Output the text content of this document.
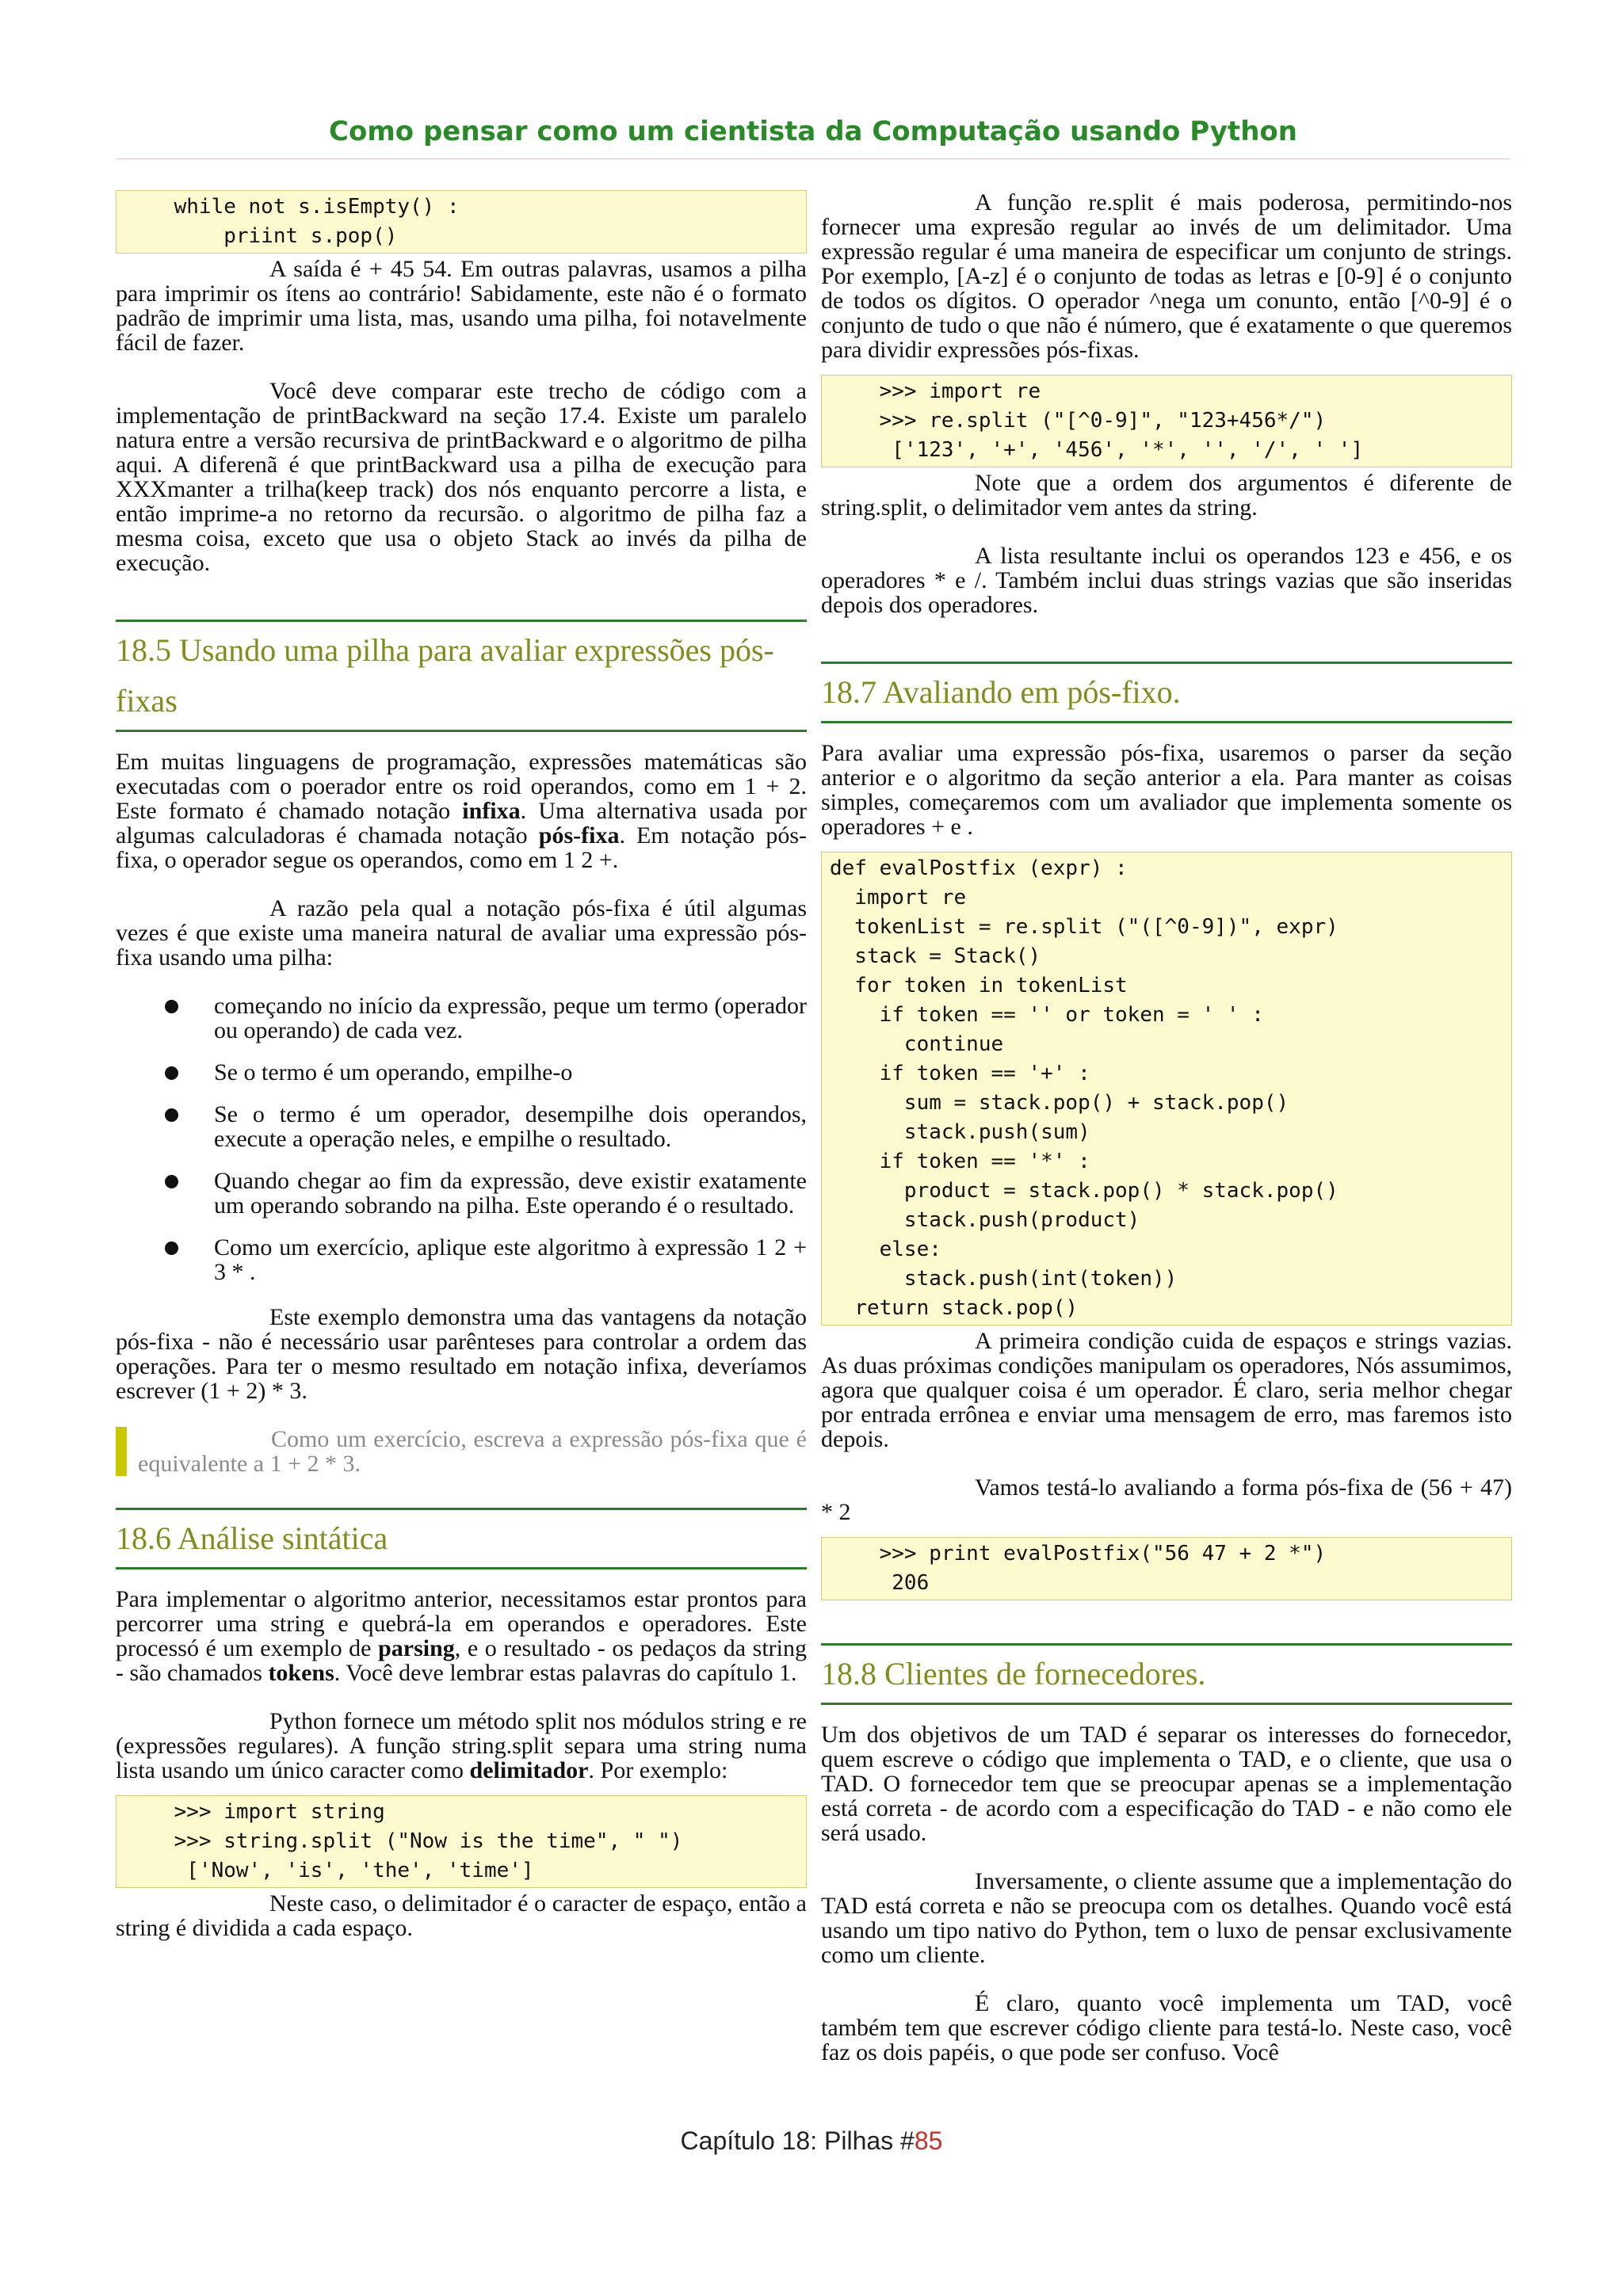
Como pensar como um cientista da Computação usando Python
while not s.isEmpty() :
priint s.pop()

A saída é + 45 54. Em outras palavras, usamos a pilha para imprimir os ítens ao contrário! Sabidamente, este não é o formato padrão de imprimir uma lista, mas, usando uma pilha, foi notavelmente fácil de fazer.

Você deve comparar este trecho de código com a implementação de printBackward na seção 17.4. Existe um paralelo natura entre a versão recursiva de printBackward e o algoritmo de pilha aqui. A diferenã é que printBackward usa a pilha de execução para XXXmanter a trilha(keep track) dos nós enquanto percorre a lista, e então imprime-a no retorno da recursão. o algoritmo de pilha faz a mesma coisa, exceto que usa o objeto Stack ao invés da pilha de execução.

18.5 Usando uma pilha para avaliar expressões pós-fixas

Em muitas linguagens de programação, expressões matemáticas são executadas com o poerador entre os roid operandos, como em 1 + 2. Este formato é chamado notação infixa. Uma alternativa usada por algumas calculadoras é chamada notação pós-fixa. Em notação pós-fixa, o operador segue os operandos, como em 1 2 +.

A razão pela qual a notação pós-fixa é útil algumas vezes é que existe uma maneira natural de avaliar uma expressão pós-fixa usando uma pilha:

começando no início da expressão, peque um termo (operador ou operando) de cada vez.
Se o termo é um operando, empilhe-o
Se o termo é um operador, desempilhe dois operandos, execute a operação neles, e empilhe o resultado.
Quando chegar ao fim da expressão, deve existir exatamente um operando sobrando na pilha. Este operando é o resultado.
Como um exercício, aplique este algoritmo à expressão 1 2 + 3 * .

Este exemplo demonstra uma das vantagens da notação pós-fixa - não é necessário usar parênteses para controlar a ordem das operações. Para ter o mesmo resultado em notação infixa, deveríamos escrever (1 + 2) * 3.

Como um exercício, escreva a expressão pós-fixa que é equivalente a 1 + 2 * 3.
18.6 Análise sintática

Para implementar o algoritmo anterior, necessitamos estar prontos para percorrer uma string e quebrá-la em operandos e operadores. Este processó é um exemplo de parsing, e o resultado - os pedaços da string - são chamados tokens. Você deve lembrar estas palavras do capítulo 1.

Python fornece um método split nos módulos string e re (expressões regulares). A função string.split separa uma string numa lista usando um único caracter como delimitador. Por exemplo:

>>> import string
>>> string.split ("Now is the time", " ")
['Now', 'is', 'the', 'time']

Neste caso, o delimitador é o caracter de espaço, então a string é dividida a cada espaço.

A função re.split é mais poderosa, permitindo-nos fornecer uma expresão regular ao invés de um delimitador. Uma expressão regular é uma maneira de especificar um conjunto de strings. Por exemplo, [A-z] é o conjunto de todas as letras e [0-9] é o conjunto de todos os dígitos. O operador ^nega um conunto, então [^0-9] é o conjunto de tudo o que não é número, que é exatamente o que queremos para dividir expressões pós-fixas.

>>> import re
>>> re.split ("[^0-9]", "123+456*/")
['123', '+', '456', '*', '', '/', ' ']

Note que a ordem dos argumentos é diferente de string.split, o delimitador vem antes da string.

A lista resultante inclui os operandos 123 e 456, e os operadores * e /. Também inclui duas strings vazias que são inseridas depois dos operadores.

18.7 Avaliando em pós-fixo.

Para avaliar uma expressão pós-fixa, usaremos o parser da seção anterior e o algoritmo da seção anterior a ela. Para manter as coisas simples, começaremos com um avaliador que implementa somente os operadores + e .

def evalPostfix (expr) :
import re
tokenList = re.split ("([^0-9])", expr)
stack = Stack()
for token in tokenList
if token == '' or token = ' ' :
continue
if token == '+' :
sum = stack.pop() + stack.pop()
stack.push(sum)
if token == '*' :
product = stack.pop() * stack.pop()
stack.push(product)
else:
stack.push(int(token))
return stack.pop()

A primeira condição cuida de espaços e strings vazias. As duas próximas condições manipulam os operadores, Nós assumimos, agora que qualquer coisa é um operador. É claro, seria melhor chegar por entrada errônea e enviar uma mensagem de erro, mas faremos isto depois.

Vamos testá-lo avaliando a forma pós-fixa de (56 + 47) * 2

>>> print evalPostfix("56 47 + 2 *")
206
18.8 Clientes de fornecedores.

Um dos objetivos de um TAD é separar os interesses do fornecedor, quem escreve o código que implementa o TAD, e o cliente, que usa o TAD. O fornecedor tem que se preocupar apenas se a implementação está correta - de acordo com a especificação do TAD - e não como ele será usado.

Inversamente, o cliente assume que a implementação do TAD está correta e não se preocupa com os detalhes. Quando você está usando um tipo nativo do Python, tem o luxo de pensar exclusivamente como um cliente.

É claro, quanto você implementa um TAD, você também tem que escrever código cliente para testá-lo. Neste caso, você faz os dois papéis, o que pode ser confuso. Você

Capítulo 18: Pilhas #85
